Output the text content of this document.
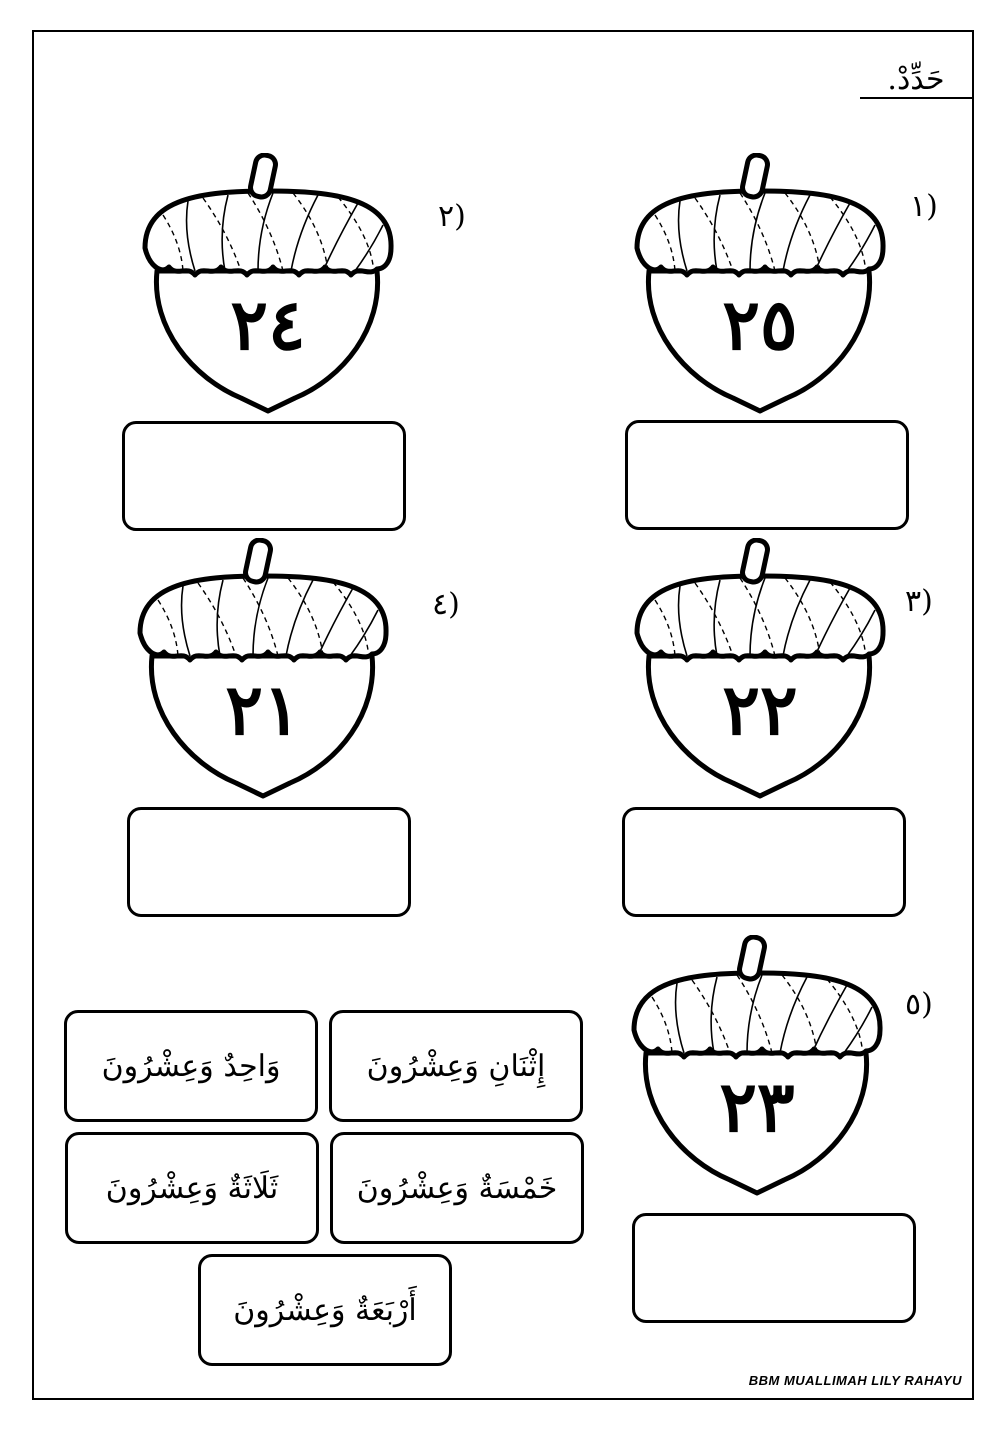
حَدِّدْ.
(١
٢٥
(٢
٢٤
(٣
٢٢
(٤
٢١
(٥
٢٣
إِثْنَانِ وَعِشْرُونَ
وَاحِدٌ وَعِشْرُونَ
خَمْسَةٌ وَعِشْرُونَ
ثَلَاثَةٌ وَعِشْرُونَ
أَرْبَعَةٌ وَعِشْرُونَ
BBM MUALLIMAH LILY RAHAYU
